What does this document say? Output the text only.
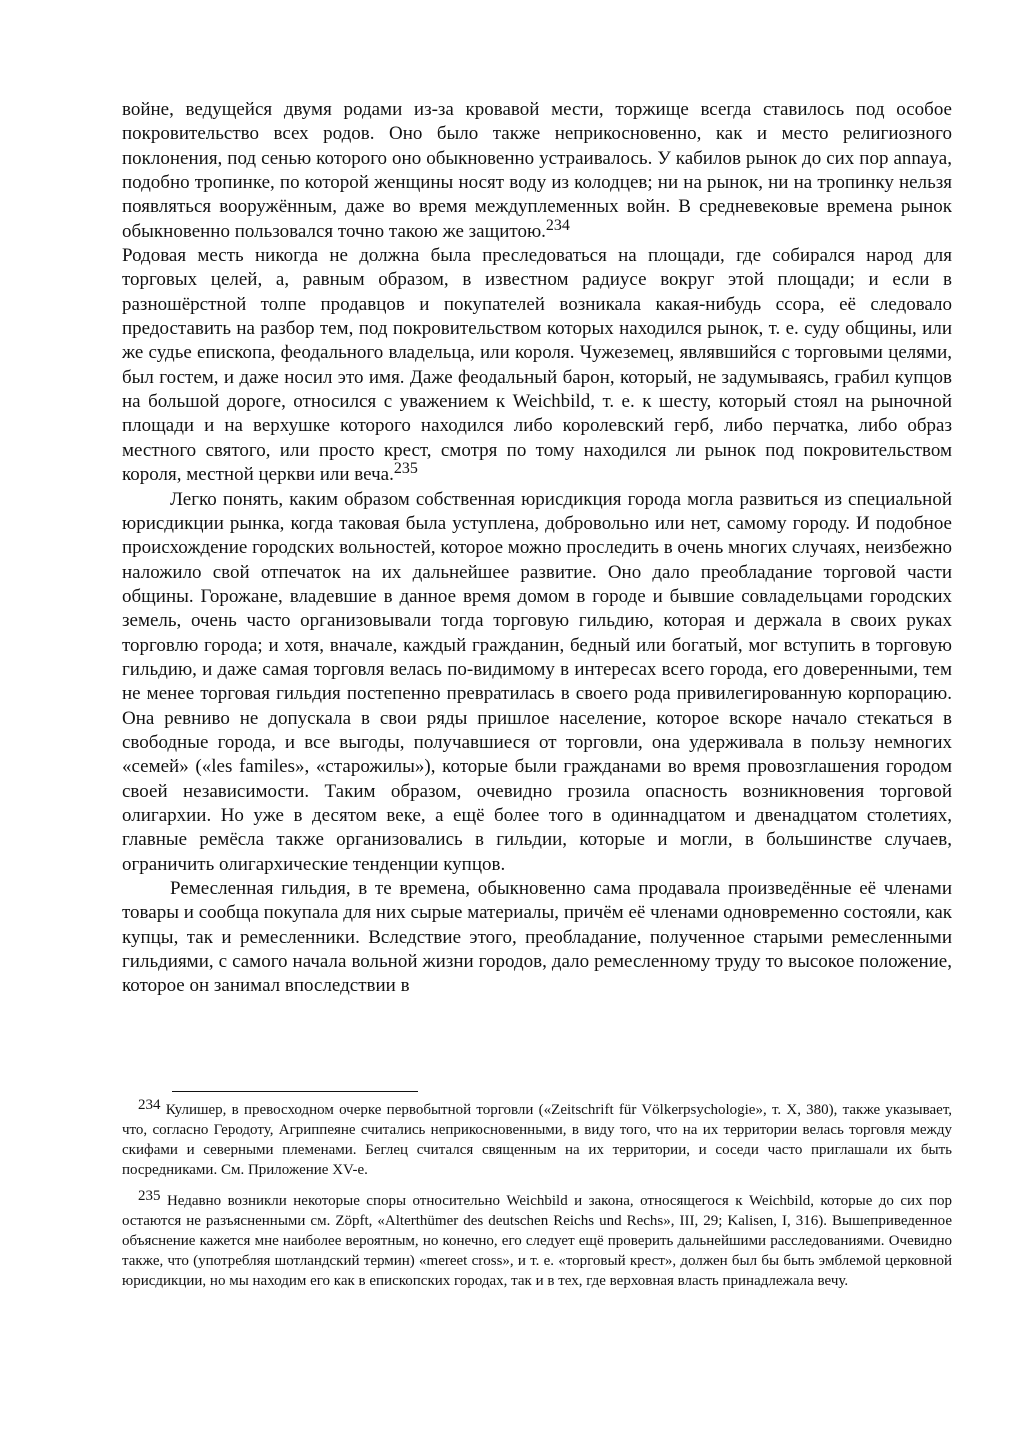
войне, ведущейся двумя родами из-за кровавой мести, торжище всегда ставилось под особое покровительство всех родов. Оно было также неприкосновенно, как и место религиозного поклонения, под сенью которого оно обыкновенно устраивалось. У кабилов рынок до сих пор annaya, подобно тропинке, по которой женщины носят воду из колодцев; ни на рынок, ни на тропинку нельзя появляться вооружённым, даже во время междуплеменных войн. В средневековые времена рынок обыкновенно пользовался точно такою же защитою.$^{234}$

Родовая месть никогда не должна была преследоваться на площади, где собирался народ для торговых целей, а, равным образом, в известном радиусе вокруг этой площади; и если в разношёрстной толпе продавцов и покупателей возникала какая-нибудь ссора, её следовало предоставить на разбор тем, под покровительством которых находился рынок, т. е. суду общины, или же судье епископа, феодального владельца, или короля. Чужеземец, являвшийся с торговыми целями, был гостем, и даже носил это имя. Даже феодальный барон, который, не задумываясь, грабил купцов на большой дороге, относился с уважением к Weichbild, т. е. к шесту, который стоял на рыночной площади и на верхушке которого находился либо королевский герб, либо перчатка, либо образ местного святого, или просто крест, смотря по тому находился ли рынок под покровительством короля, местной церкви или веча.$^{235}$

Легко понять, каким образом собственная юрисдикция города могла развиться из специальной юрисдикции рынка, когда таковая была уступлена, добровольно или нет, самому городу. И подобное происхождение городских вольностей, которое можно проследить в очень многих случаях, неизбежно наложило свой отпечаток на их дальнейшее развитие. Оно дало преобладание торговой части общины. Горожане, владевшие в данное время домом в городе и бывшие совладельцами городских земель, очень часто организовывали тогда торговую гильдию, которая и держала в своих руках торговлю города; и хотя, вначале, каждый гражданин, бедный или богатый, мог вступить в торговую гильдию, и даже самая торговля велась по-видимому в интересах всего города, его доверенными, тем не менее торговая гильдия постепенно превратилась в своего рода привилегированную корпорацию. Она ревниво не допускала в свои ряды пришлое население, которое вскоре начало стекаться в свободные города, и все выгоды, получавшиеся от торговли, она удерживала в пользу немногих «семей» («les familes», «старожилы»), которые были гражданами во время провозглашения городом своей независимости. Таким образом, очевидно грозила опасность возникновения торговой олигархии. Но уже в десятом веке, а ещё более того в одиннадцатом и двенадцатом столетиях, главные ремёсла также организовались в гильдии, которые и могли, в большинстве случаев, ограничить олигархические тенденции купцов.

Ремесленная гильдия, в те времена, обыкновенно сама продавала произведённые её членами товары и сообща покупала для них сырые материалы, причём её членами одновременно состояли, как купцы, так и ремесленники. Вследствие этого, преобладание, полученное старыми ремесленными гильдиями, с самого начала вольной жизни городов, дало ремесленному труду то высокое положение, которое он занимал впоследствии в

$^{234}$ Кулишер, в превосходном очерке первобытной торговли («Zeitschrift für Völkerpsychologie», т. X, 380), также указывает, что, согласно Геродоту, Агриппеяне считались неприкосновенными, в виду того, что на их территории велась торговля между скифами и северными племенами. Беглец считался священным на их территории, и соседи часто приглашали их быть посредниками. См. Приложение XV-е.

$^{235}$ Недавно возникли некоторые споры относительно Weichbild и закона, относящегося к Weichbild, которые до сих пор остаются не разъясненными см. Zöpft, «Alterthümer des deutschen Reichs und Rechs», III, 29; Kalisen, I, 316). Вышеприведенное объяснение кажется мне наиболее вероятным, но конечно, его следует ещё проверить дальнейшими расследованиями. Очевидно также, что (употребляя шотландский термин) «mereet cross», и т. е. «торговый крест», должен был бы быть эмблемой церковной юрисдикции, но мы находим его как в епископских городах, так и в тех, где верховная власть принадлежала вечу.
